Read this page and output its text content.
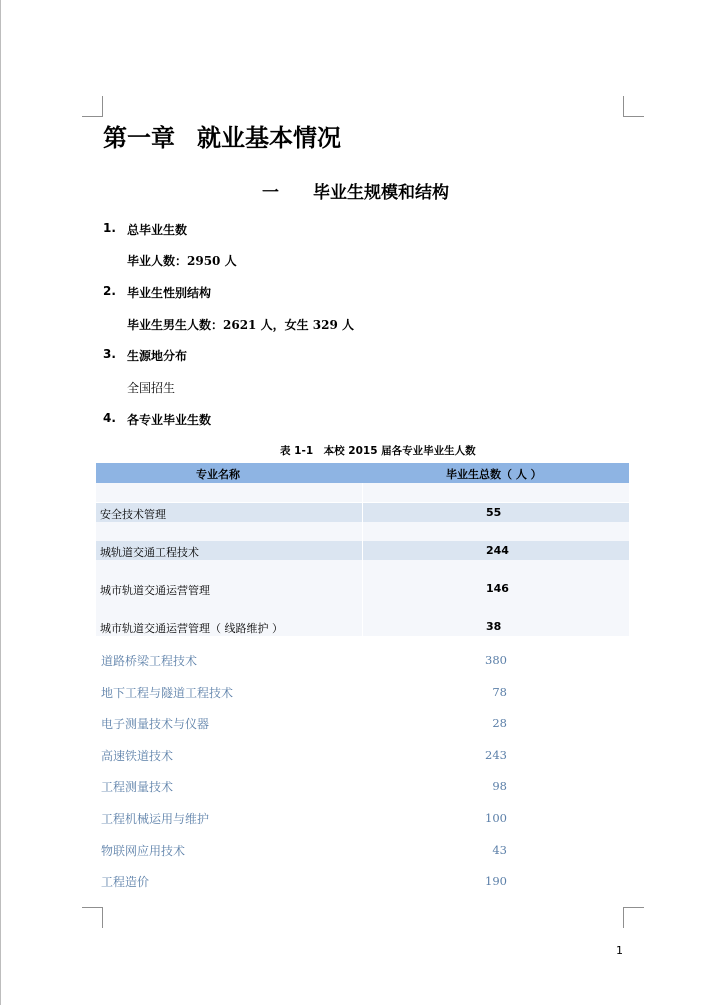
第一章 就业基本情况
一 毕业生规模和结构
1. 总毕业生数
毕业人数：2950 人
2. 毕业生性别结构
毕业生男生人数：2621 人，女生 329 人
3. 生源地分布
全国招生
4. 各专业毕业生数
表 1-1　本校 2015 届各专业毕业生人数
专业名称	毕业生总数（ 人 ）
安全技术管理	55
城轨道交通工程技术	244
城市轨道交通运营管理	146
城市轨道交通运营管理（ 线路维护 ）	38
道路桥梁工程技术	380
地下工程与隧道工程技术	78
电子测量技术与仪器	28
高速铁道技术	243
工程测量技术	98
工程机械运用与维护	100
物联网应用技术	43
工程造价	190
1
